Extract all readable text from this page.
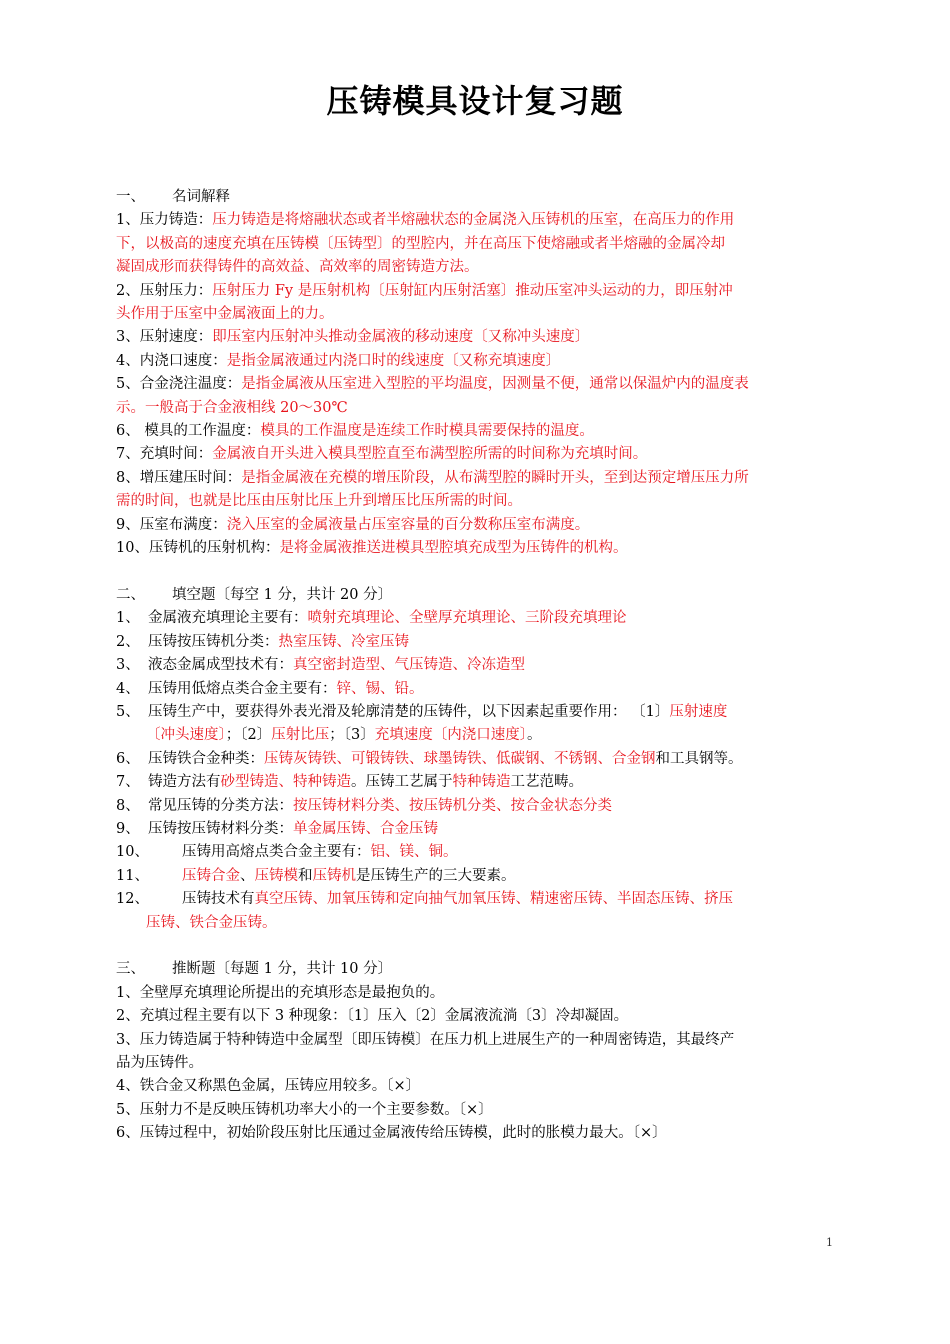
压铸模具设计复习题
一、 名词解释
1、压力铸造：压力铸造是将熔融状态或者半熔融状态的金属浇入压铸机的压室，在高压力的作用
下，以极高的速度充填在压铸模〔压铸型〕的型腔内，并在高压下使熔融或者半熔融的金属冷却
凝固成形而获得铸件的高效益、高效率的周密铸造方法。
2、压射压力：压射压力 Fy 是压射机构〔压射缸内压射活塞〕推动压室冲头运动的力，即压射冲
头作用于压室中金属液面上的力。
3、压射速度：即压室内压射冲头推动金属液的移动速度〔又称冲头速度〕
4、内浇口速度：是指金属液通过内浇口时的线速度〔又称充填速度〕
5、合金浇注温度：是指金属液从压室进入型腔的平均温度，因测量不便，通常以保温炉内的温度表
示。一般高于合金液相线 20～30℃
6、 模具的工作温度：模具的工作温度是连续工作时模具需要保持的温度。
7、充填时间：金属液自开头进入模具型腔直至布满型腔所需的时间称为充填时间。
8、增压建压时间：是指金属液在充模的增压阶段，从布满型腔的瞬时开头，至到达预定增压压力所
需的时间，也就是比压由压射比压上升到增压比压所需的时间。
9、压室布满度：浇入压室的金属液量占压室容量的百分数称压室布满度。
10、压铸机的压射机构：是将金属液推送进模具型腔填充成型为压铸件的机构。
二、 填空题〔每空 1 分，共计 20 分〕
1、 金属液充填理论主要有：喷射充填理论、全壁厚充填理论、三阶段充填理论
2、 压铸按压铸机分类：热室压铸、冷室压铸
3、 液态金属成型技术有：真空密封造型、气压铸造、冷冻造型
4、 压铸用低熔点类合金主要有：锌、锡、铅。
5、 压铸生产中，要获得外表光滑及轮廓清楚的压铸件，以下因素起重要作用： 〔1〕压射速度
〔冲头速度〕；〔2〕压射比压；〔3〕充填速度〔内浇口速度〕。
6、 压铸铁合金种类：压铸灰铸铁、可锻铸铁、球墨铸铁、低碳钢、不锈钢、合金钢和工具钢等。
7、 铸造方法有砂型铸造、特种铸造。压铸工艺属于特种铸造工艺范畴。
8、 常见压铸的分类方法：按压铸材料分类、按压铸机分类、按合金状态分类
9、 压铸按压铸材料分类：单金属压铸、合金压铸
10、 压铸用高熔点类合金主要有：铝、镁、铜。
11、 压铸合金、压铸模和压铸机是压铸生产的三大要素。
12、 压铸技术有真空压铸、加氧压铸和定向抽气加氧压铸、精速密压铸、半固态压铸、挤压
压铸、铁合金压铸。
三、 推断题〔每题 1 分，共计 10 分〕
1、全壁厚充填理论所提出的充填形态是最抱负的。
2、充填过程主要有以下 3 种现象：〔1〕压入〔2〕金属液流淌〔3〕冷却凝固。
3、压力铸造属于特种铸造中金属型〔即压铸模〕在压力机上进展生产的一种周密铸造，其最终产
品为压铸件。
4、铁合金又称黑色金属，压铸应用较多。〔×〕
5、压射力不是反映压铸机功率大小的一个主要参数。〔×〕
6、压铸过程中，初始阶段压射比压通过金属液传给压铸模，此时的胀模力最大。〔×〕
1
